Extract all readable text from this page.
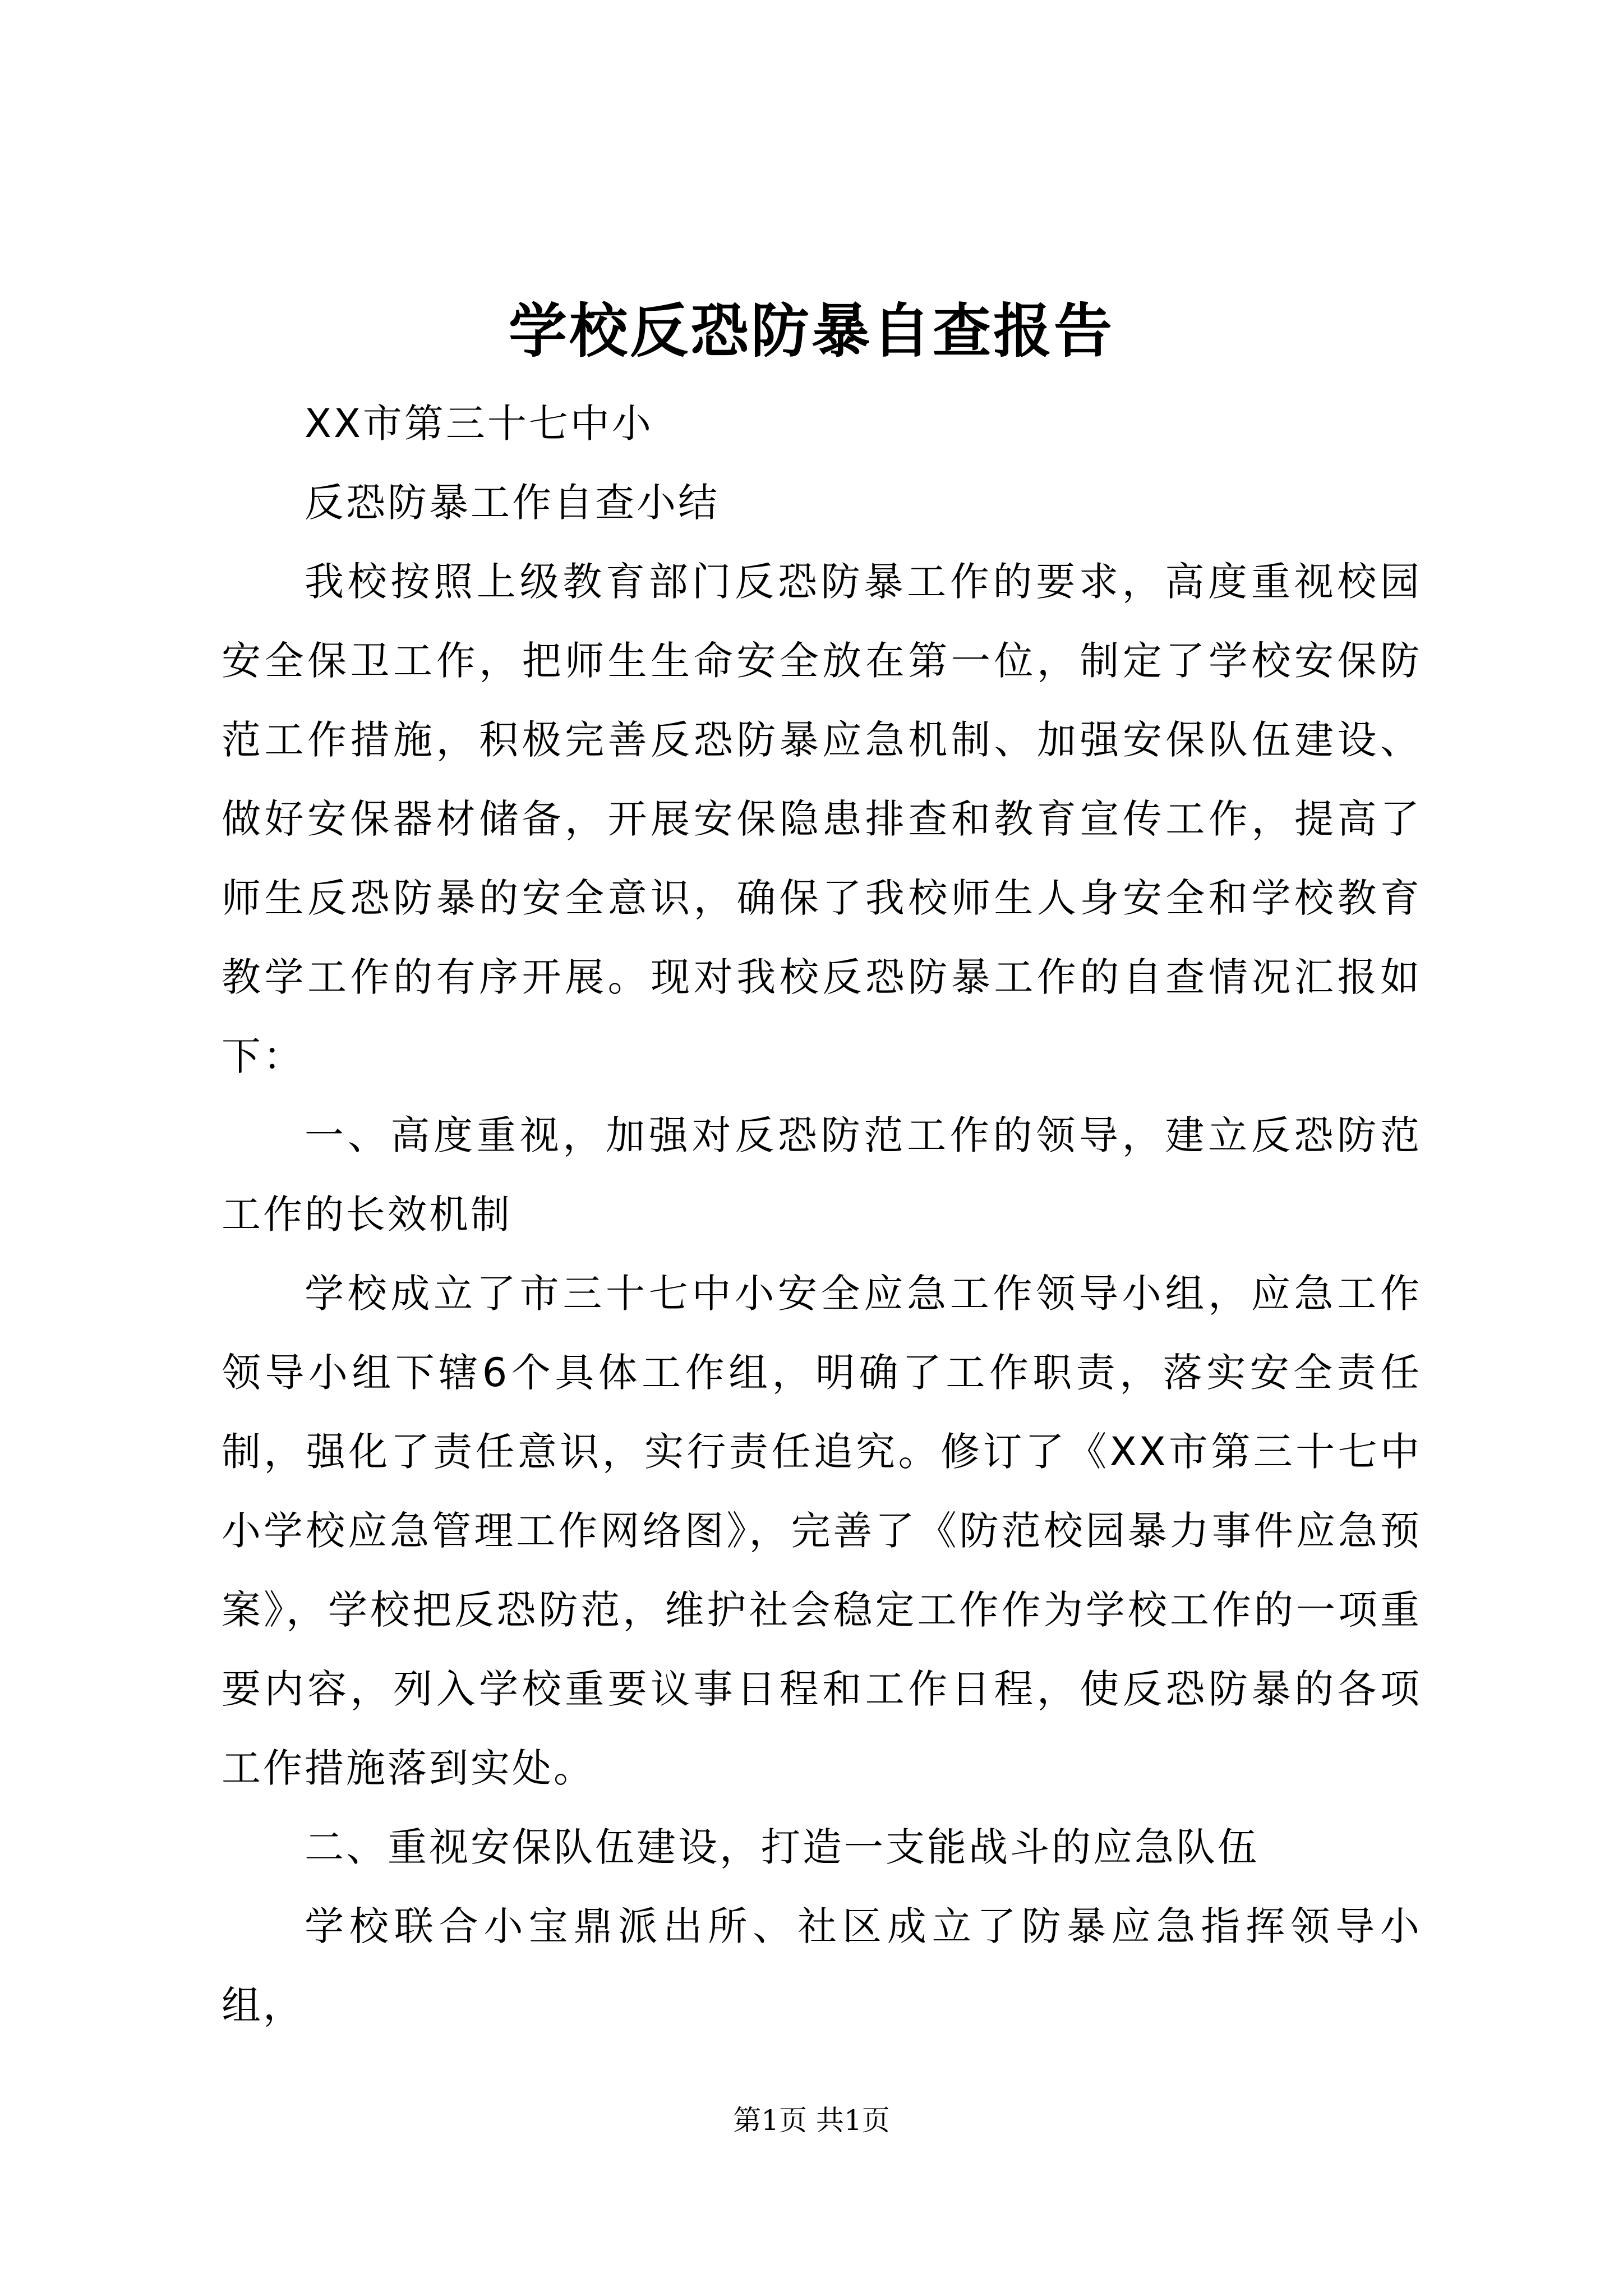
学校反恐防暴自查报告

XX市第三十七中小

反恐防暴工作自查小结

我校按照上级教育部门反恐防暴工作的要求，高度重视校园安全保卫工作，把师生生命安全放在第一位，制定了学校安保防范工作措施，积极完善反恐防暴应急机制、加强安保队伍建设、做好安保器材储备，开展安保隐患排查和教育宣传工作，提高了师生反恐防暴的安全意识，确保了我校师生人身安全和学校教育教学工作的有序开展。现对我校反恐防暴工作的自查情况汇报如下：

一、高度重视，加强对反恐防范工作的领导，建立反恐防范工作的长效机制

学校成立了市三十七中小安全应急工作领导小组，应急工作领导小组下辖6个具体工作组，明确了工作职责，落实安全责任制，强化了责任意识，实行责任追究。修订了《XX市第三十七中小学校应急管理工作网络图》，完善了《防范校园暴力事件应急预案》，学校把反恐防范，维护社会稳定工作作为学校工作的一项重要内容，列入学校重要议事日程和工作日程，使反恐防暴的各项工作措施落到实处。

二、重视安保队伍建设，打造一支能战斗的应急队伍

学校联合小宝鼎派出所、社区成立了防暴应急指挥领导小组，

第1页 共1页
